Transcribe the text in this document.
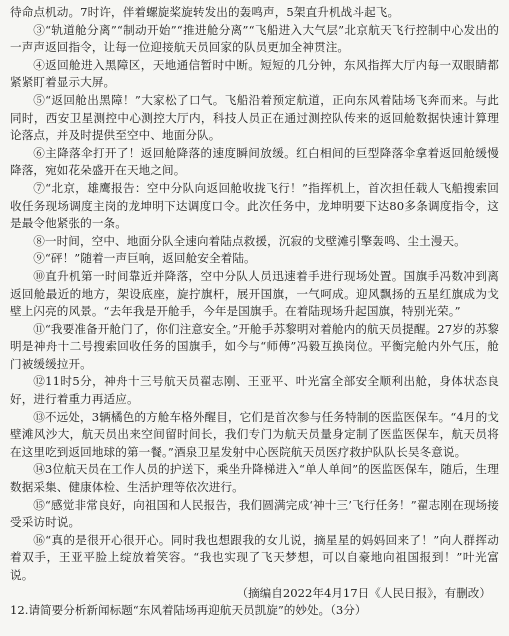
待命点机动。7时许，伴着螺旋桨旋转发出的轰鸣声，5架直升机战斗起飞。

③“轨道舱分离”“制动开始”“推进舱分离”“飞船进入大气层”北京航天飞行控制中心发出的一声声返回指令，让每一位迎接航天员回家的队员更加全神贯注。

④返回舱进入黑障区，天地通信暂时中断。短短的几分钟，东风指挥大厅内每一双眼睛都紧紧盯着显示大屏。

⑤“返回舱出黑障！”大家松了口气。飞船沿着预定航道，正向东风着陆场飞奔而来。与此同时，西安卫星测控中心测控大厅内，科技人员正在通过测控队传来的返回舱数据快速计算理论落点，并及时提供至空中、地面分队。

⑥主降落伞打开了！返回舱降落的速度瞬间放缓。红白相间的巨型降落伞拿着返回舱缓慢降落，宛如花朵盛开在天地之间。

⑦“北京，雄鹰报告：空中分队向返回舱收拢飞行！”指挥机上，首次担任载人飞船搜索回收任务现场调度主岗的龙坤明下达调度口令。此次任务中，龙坤明要下达80多条调度指令，这是最令他紧张的一条。

⑧一时间，空中、地面分队全速向着陆点救援，沉寂的戈壁滩引擎轰鸣、尘土漫天。

⑨“砰！”随着一声巨响，返回舱安全着陆。

⑩直升机第一时间靠近并降落，空中分队人员迅速着手进行现场处置。国旗手冯数冲到离返回舱最近的地方，架设底座，旋拧旗杆，展开国旗，一气呵成。迎风飘扬的五星红旗成为戈壁上闪亮的风景。“去年我是开舱手，今年是国旗手。在着陆现场升起国旗，特别光荣。”

⑪“我要准备开舱门了，你们注意安全。”开舱手苏黎明对着舱内的航天员提醒。27岁的苏黎明是神舟十二号搜索回收任务的国旗手，如今与“师傅”冯毅互换岗位。平衡完舱内外气压，舱门被缓缓拉开。

⑫11时5分，神舟十三号航天员翟志刚、王亚平、叶光富全部安全顺利出舱，身体状态良好，进行着重力再适应。

⑬不远处，3辆橘色的方舱车格外醒目，它们是首次参与任务特制的医监医保车。“4月的戈壁滩风沙大，航天员出来空间留时间长，我们专门为航天员量身定制了医监医保车，航天员将在这里吃到返回地球的第一餐。”酒泉卫星发射中心医院航天员医疗救护队队长吴冬意说。

⑭3位航天员在工作人员的护送下，乘坐升降梯进入“单人单间”的医监医保车，随后，生理数据采集、健康体检、生活护理等依次进行。

⑮“感觉非常良好，向祖国和人民报告，我们圆满完成‘神十三’飞行任务！”翟志刚在现场接受采访时说。

⑯“真的是很开心很开心。同时我也想跟我的女儿说，摘星星的妈妈回来了！”向人群挥动着双手，王亚平脸上绽放着笑容。“我也实现了飞天梦想，可以自豪地向祖国报到！”叶光富说。

（摘编自2022年4月17日《人民日报》，有删改）

12.请简要分析新闻标题“东风着陆场再迎航天员凯旋”的妙处。（3分）
